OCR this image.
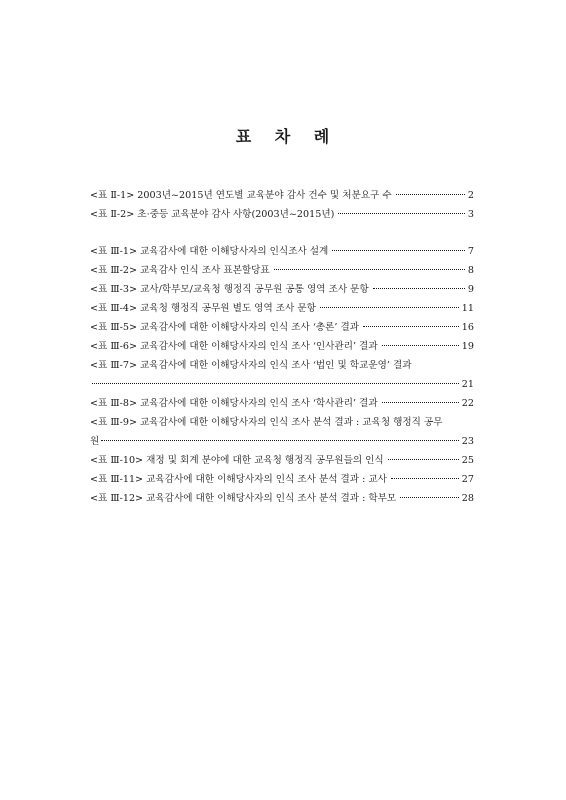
표 차 례
<표 Ⅱ-1> 2003년~2015년 연도별 교육분야 감사 건수 및 처분요구 수	2
<표 Ⅱ-2> 초·중등 교육분야 감사 사항(2003년~2015년)	3
<표 Ⅲ-1> 교육감사에 대한 이해당사자의 인식조사 설계	7
<표 Ⅲ-2> 교육감사 인식 조사 표본할당표	8
<표 Ⅲ-3> 교사/학부모/교육청 행정직 공무원 공통 영역 조사 문항	9
<표 Ⅲ-4> 교육청 행정직 공무원 별도 영역 조사 문항	11
<표 Ⅲ-5> 교육감사에 대한 이해당사자의 인식 조사 ‘총론’ 결과	16
<표 Ⅲ-6> 교육감사에 대한 이해당사자의 인식 조사 ‘인사관리’ 결과	19
<표 Ⅲ-7> 교육감사에 대한 이해당사자의 인식 조사 ‘법인 및 학교운영’ 결과
21
<표 Ⅲ-8> 교육감사에 대한 이해당사자의 인식 조사 ‘학사관리’ 결과	22
<표 Ⅲ-9> 교육감사에 대한 이해당사자의 인식 조사 분석 결과 : 교육청 행정직 공무
원	23
<표 Ⅲ-10> 재정 및 회계 분야에 대한 교육청 행정직 공무원들의 인식	25
<표 Ⅲ-11> 교육감사에 대한 이해당사자의 인식 조사 분석 결과 : 교사	27
<표 Ⅲ-12> 교육감사에 대한 이해당사자의 인식 조사 분석 결과 : 학부모	28
